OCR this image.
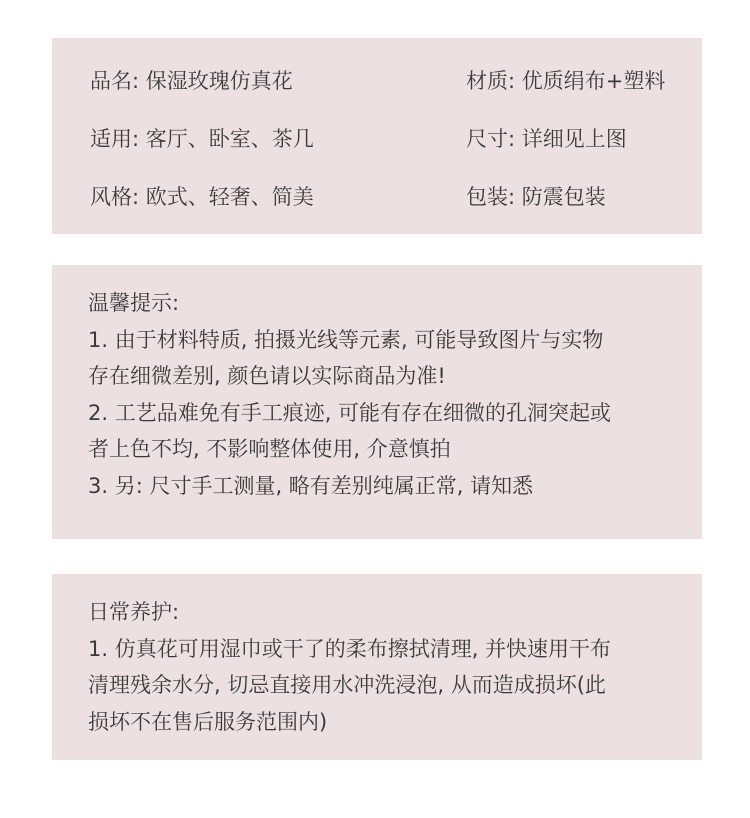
品名: 保湿玫瑰仿真花	材质: 优质绢布+塑料
适用: 客厅、卧室、茶几	尺寸: 详细见上图
风格: 欧式、轻奢、简美	包装: 防震包装
温馨提示:
1. 由于材料特质, 拍摄光线等元素, 可能导致图片与实物
存在细微差别, 颜色请以实际商品为准!
2. 工艺品难免有手工痕迹, 可能有存在细微的孔洞突起或
者上色不均, 不影响整体使用, 介意慎拍
3. 另: 尺寸手工测量, 略有差别纯属正常, 请知悉
日常养护:
1. 仿真花可用湿巾或干了的柔布擦拭清理, 并快速用干布
清理残余水分, 切忌直接用水冲洗浸泡, 从而造成损坏(此
损坏不在售后服务范围内)
